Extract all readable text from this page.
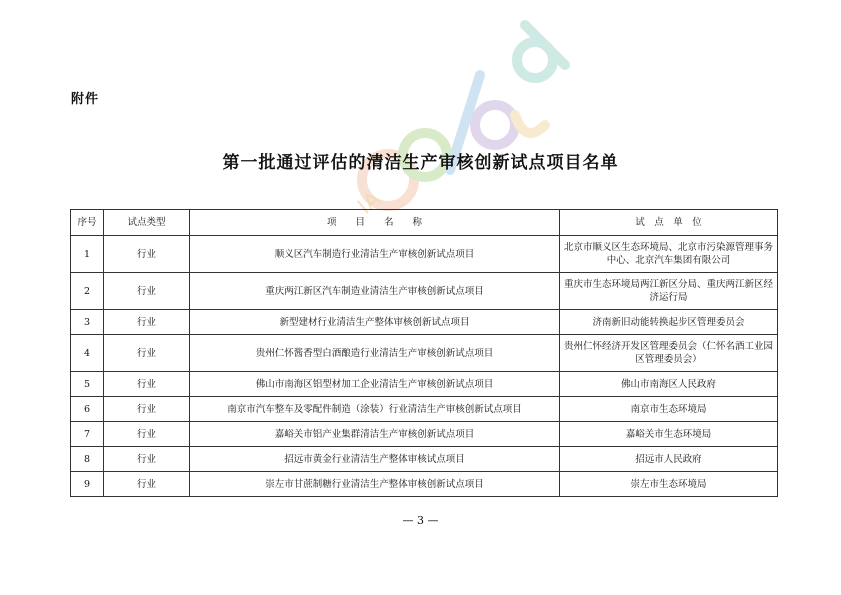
IA
附件
第一批通过评估的清洁生产审核创新试点项目名单
序号	试点类型	项　　目　　名　　称	试　点　单　位
1	行业	顺义区汽车制造行业清洁生产审核创新试点项目	北京市顺义区生态环境局、北京市污染源管理事务中心、北京汽车集团有限公司
2	行业	重庆两江新区汽车制造业清洁生产审核创新试点项目	重庆市生态环境局两江新区分局、重庆两江新区经济运行局
3	行业	新型建材行业清洁生产整体审核创新试点项目	济南新旧动能转换起步区管理委员会
4	行业	贵州仁怀酱香型白酒酿造行业清洁生产审核创新试点项目	贵州仁怀经济开发区管理委员会（仁怀名酒工业园区管理委员会）
5	行业	佛山市南海区铝型材加工企业清洁生产审核创新试点项目	佛山市南海区人民政府
6	行业	南京市汽车整车及零配件制造（涂装）行业清洁生产审核创新试点项目	南京市生态环境局
7	行业	嘉峪关市铝产业集群清洁生产审核创新试点项目	嘉峪关市生态环境局
8	行业	招远市黄金行业清洁生产整体审核试点项目	招远市人民政府
9	行业	崇左市甘蔗制糖行业清洁生产整体审核创新试点项目	崇左市生态环境局
— 3 —
